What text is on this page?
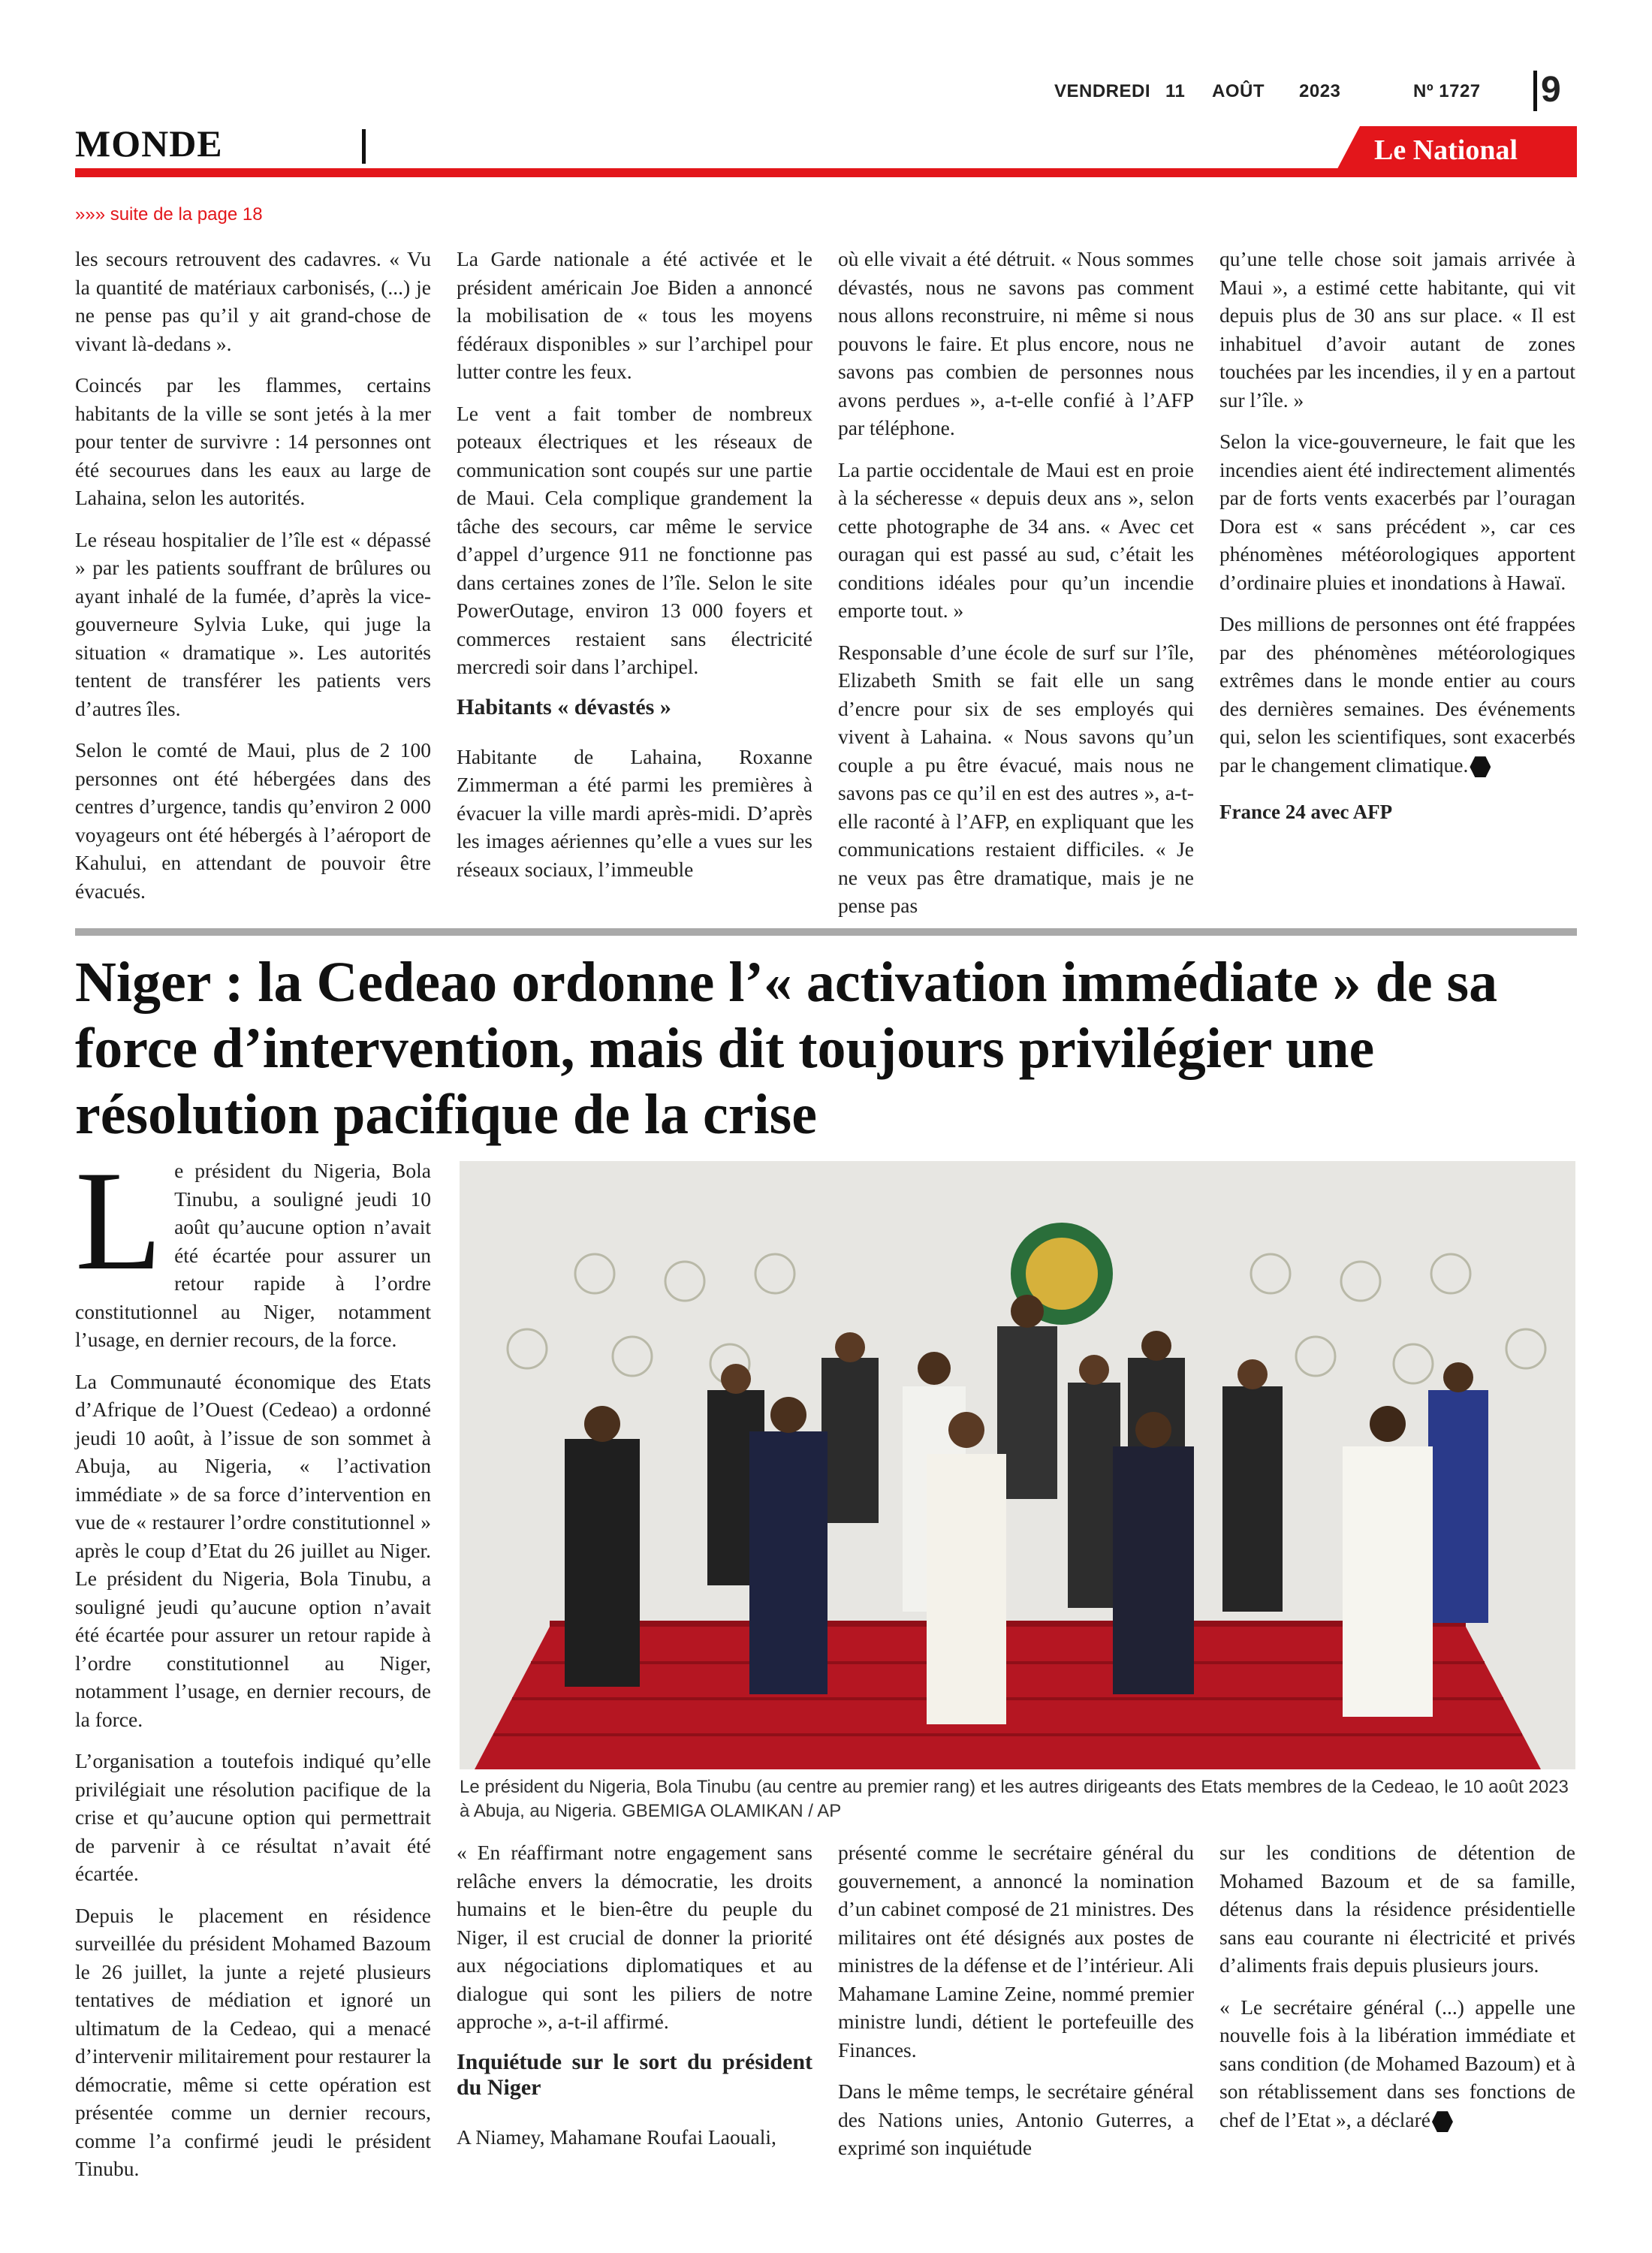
VENDREDI 11 AOÛT 2023	Nº 1727 9
MONDE	Le National
»»» suite de la page 18

les secours retrouvent des cadavres. « Vu la quantité de matériaux carbonisés, (...) je ne pense pas qu’il y ait grand-chose de vivant là-dedans ».

Coincés par les flammes, certains habitants de la ville se sont jetés à la mer pour tenter de survivre : 14 personnes ont été secourues dans les eaux au large de Lahaina, selon les autorités.

Le réseau hospitalier de l’île est « dépassé » par les patients souffrant de brûlures ou ayant inhalé de la fumée, d’après la vice-gouverneure Sylvia Luke, qui juge la situation « dramatique ». Les autorités tentent de transférer les patients vers d’autres îles.

Selon le comté de Maui, plus de 2 100 personnes ont été hébergées dans des centres d’urgence, tandis qu’environ 2 000 voyageurs ont été hébergés à l’aéroport de Kahului, en attendant de pouvoir être évacués.

La Garde nationale a été activée et le président américain Joe Biden a annoncé la mobilisation de « tous les moyens fédéraux disponibles » sur l’archipel pour lutter contre les feux.

Le vent a fait tomber de nombreux poteaux électriques et les réseaux de communication sont coupés sur une partie de Maui. Cela complique grandement la tâche des secours, car même le service d’appel d’urgence 911 ne fonctionne pas dans certaines zones de l’île. Selon le site PowerOutage, environ 13 000 foyers et commerces restaient sans électricité mercredi soir dans l’archipel.

Habitants « dévastés »

Habitante de Lahaina, Roxanne Zimmerman a été parmi les premières à évacuer la ville mardi après-midi. D’après les images aériennes qu’elle a vues sur les réseaux sociaux, l’immeuble

où elle vivait a été détruit. « Nous sommes dévastés, nous ne savons pas comment nous allons reconstruire, ni même si nous pouvons le faire. Et plus encore, nous ne savons pas combien de personnes nous avons perdues », a-t-elle confié à l’AFP par téléphone.

La partie occidentale de Maui est en proie à la sécheresse « depuis deux ans », selon cette photographe de 34 ans. « Avec cet ouragan qui est passé au sud, c’était les conditions idéales pour qu’un incendie emporte tout. »

Responsable d’une école de surf sur l’île, Elizabeth Smith se fait elle un sang d’encre pour six de ses employés qui vivent à Lahaina. « Nous savons qu’un couple a pu être évacué, mais nous ne savons pas ce qu’il en est des autres », a-t-elle raconté à l’AFP, en expliquant que les communications restaient difficiles. « Je ne veux pas être dramatique, mais je ne pense pas

qu’une telle chose soit jamais arrivée à Maui », a estimé cette habitante, qui vit depuis plus de 30 ans sur place. « Il est inhabituel d’avoir autant de zones touchées par les incendies, il y en a partout sur l’île. »

Selon la vice-gouverneure, le fait que les incendies aient été indirectement alimentés par de forts vents exacerbés par l’ouragan Dora est « sans précédent », car ces phénomènes météorologiques apportent d’ordinaire pluies et inondations à Hawaï.

Des millions de personnes ont été frappées par des phénomènes météorologiques extrêmes dans le monde entier au cours des dernières semaines. Des événements qui, selon les scientifiques, sont exacerbés par le changement climatique.

France 24 avec AFP
Niger : la Cedeao ordonne l’« activation immédiate » de sa force d’intervention, mais dit toujours privilégier une résolution pacifique de la crise

Le président du Nigeria, Bola Tinubu, a souligné jeudi 10 août qu’aucune option n’avait été écartée pour assurer un retour rapide à l’ordre constitutionnel au Niger, notamment l’usage, en dernier recours, de la force.

La Communauté économique des Etats d’Afrique de l’Ouest (Cedeao) a ordonné jeudi 10 août, à l’issue de son sommet à Abuja, au Nigeria, « l’activation immédiate » de sa force d’intervention en vue de « restaurer l’ordre constitutionnel » après le coup d’Etat du 26 juillet au Niger. Le président du Nigeria, Bola Tinubu, a souligné jeudi qu’aucune option n’avait été écartée pour assurer un retour rapide à l’ordre constitutionnel au Niger, notamment l’usage, en dernier recours, de la force.

L’organisation a toutefois indiqué qu’elle privilégiait une résolution pacifique de la crise et qu’aucune option qui permettrait de parvenir à ce résultat n’avait été écartée.

Depuis le placement en résidence surveillée du président Mohamed Bazoum le 26 juillet, la junte a rejeté plusieurs tentatives de médiation et ignoré un ultimatum de la Cedeao, qui a menacé d’intervenir militairement pour restaurer la démocratie, même si cette opération est présentée comme un dernier recours, comme l’a confirmé jeudi le président Tinubu.

Le président du Nigeria, Bola Tinubu (au centre au premier rang) et les autres dirigeants des Etats membres de la Cedeao, le 10 août 2023 à Abuja, au Nigeria. GBEMIGA OLAMIKAN / AP

« En réaffirmant notre engagement sans relâche envers la démocratie, les droits humains et le bien-être du peuple du Niger, il est crucial de donner la priorité aux négociations diplomatiques et au dialogue qui sont les piliers de notre approche », a-t-il affirmé.

Inquiétude sur le sort du président du Niger

A Niamey, Mahamane Roufai Laouali,

présenté comme le secrétaire général du gouvernement, a annoncé la nomination d’un cabinet composé de 21 ministres. Des militaires ont été désignés aux postes de ministres de la défense et de l’intérieur. Ali Mahamane Lamine Zeine, nommé premier ministre lundi, détient le portefeuille des Finances.

Dans le même temps, le secrétaire général des Nations unies, Antonio Guterres, a exprimé son inquiétude

sur les conditions de détention de Mohamed Bazoum et de sa famille, détenus dans la résidence présidentielle sans eau courante ni électricité et privés d’aliments frais depuis plusieurs jours.

« Le secrétaire général (...) appelle une nouvelle fois à la libération immédiate et sans condition (de Mohamed Bazoum) et à son rétablissement dans ses fonctions de chef de l’Etat », a déclaré
